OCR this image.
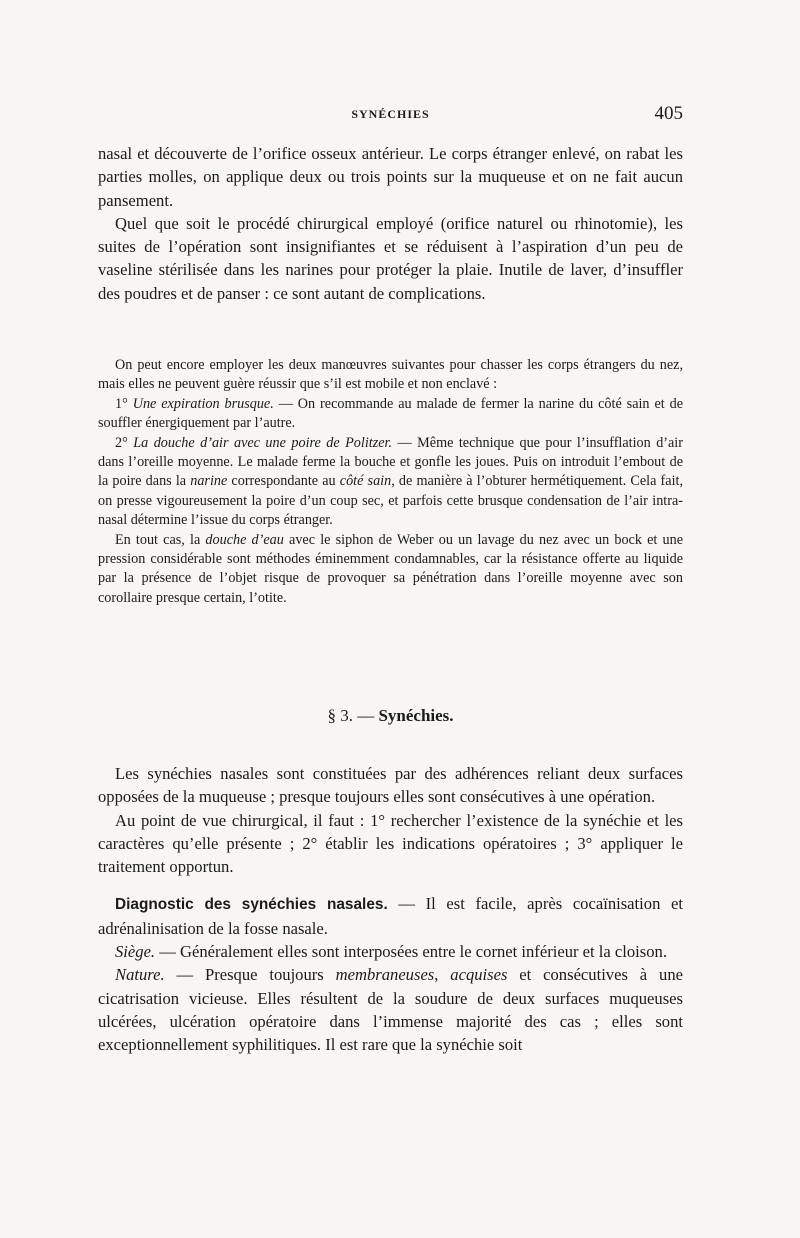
SYNÉCHIES	405

nasal et découverte de l’orifice osseux antérieur. Le corps étranger enlevé, on rabat les parties molles, on applique deux ou trois points sur la muqueuse et on ne fait aucun pansement.

Quel que soit le procédé chirurgical employé (orifice naturel ou rhinotomie), les suites de l’opération sont insignifiantes et se réduisent à l’aspiration d’un peu de vaseline stérilisée dans les narines pour protéger la plaie. Inutile de laver, d’insuffler des poudres et de panser : ce sont autant de complications.

On peut encore employer les deux manœuvres suivantes pour chasser les corps étrangers du nez, mais elles ne peuvent guère réussir que s’il est mobile et non enclavé :

1° Une expiration brusque. — On recommande au malade de fermer la narine du côté sain et de souffler énergiquement par l’autre.

2° La douche d’air avec une poire de Politzer. — Même technique que pour l’insufflation d’air dans l’oreille moyenne. Le malade ferme la bouche et gonfle les joues. Puis on introduit l’embout de la poire dans la narine correspondante au côté sain, de manière à l’obturer hermétiquement. Cela fait, on presse vigoureusement la poire d’un coup sec, et parfois cette brusque condensation de l’air intra-nasal détermine l’issue du corps étranger.

En tout cas, la douche d’eau avec le siphon de Weber ou un lavage du nez avec un bock et une pression considérable sont méthodes éminemment condamnables, car la résistance offerte au liquide par la présence de l’objet risque de provoquer sa pénétration dans l’oreille moyenne avec son corollaire presque certain, l’otite.

§ 3. — Synéchies.

Les synéchies nasales sont constituées par des adhérences reliant deux surfaces opposées de la muqueuse ; presque toujours elles sont consécutives à une opération.

Au point de vue chirurgical, il faut : 1° rechercher l’existence de la synéchie et les caractères qu’elle présente ; 2° établir les indications opératoires ; 3° appliquer le traitement opportun.

Diagnostic des synéchies nasales. — Il est facile, après cocaïnisation et adrénalinisation de la fosse nasale.

Siège. — Généralement elles sont interposées entre le cornet inférieur et la cloison.

Nature. — Presque toujours membraneuses, acquises et consécutives à une cicatrisation vicieuse. Elles résultent de la soudure de deux surfaces muqueuses ulcérées, ulcération opératoire dans l’immense majorité des cas ; elles sont exceptionnellement syphilitiques. Il est rare que la synéchie soit
